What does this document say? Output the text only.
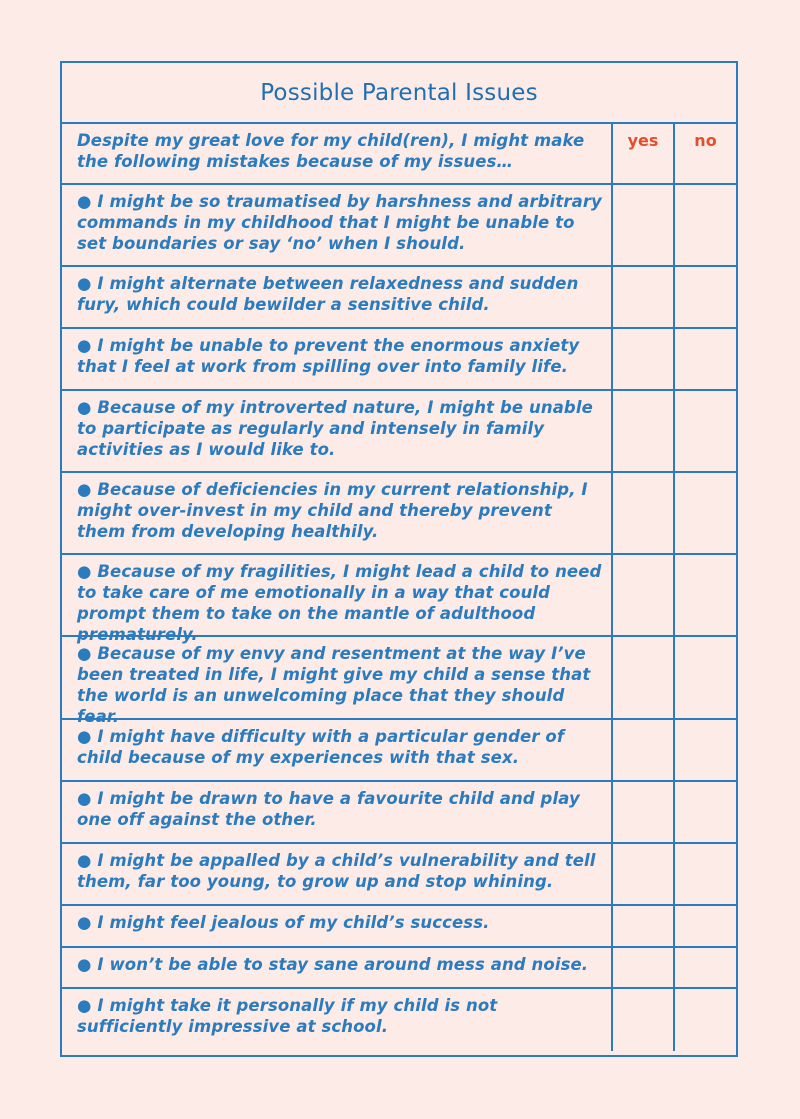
Possible Parental Issues
Despite my great love for my child(ren), I might make the following mistakes because of my issues…
yes	no
● I might be so traumatised by harshness and arbitrary commands in my childhood that I might be unable to set boundaries or say ‘no’ when I should.
● I might alternate between relaxedness and sudden fury, which could bewilder a sensitive child.
● I might be unable to prevent the enormous anxiety that I feel at work from spilling over into family life.
● Because of my introverted nature, I might be unable to participate as regularly and intensely in family activities as I would like to.
● Because of deficiencies in my current relationship, I might over-invest in my child and thereby prevent them from developing healthily.
● Because of my fragilities, I might lead a child to need to take care of me emotionally in a way that could prompt them to take on the mantle of adulthood prematurely.
● Because of my envy and resentment at the way I’ve been treated in life, I might give my child a sense that the world is an unwelcoming place that they should fear.
● I might have difficulty with a particular gender of child because of my experiences with that sex.
● I might be drawn to have a favourite child and play one off against the other.
● I might be appalled by a child’s vulnerability and tell them, far too young, to grow up and stop whining.
● I might feel jealous of my child’s success.
● I won’t be able to stay sane around mess and noise.
● I might take it personally if my child is not sufficiently impressive at school.
